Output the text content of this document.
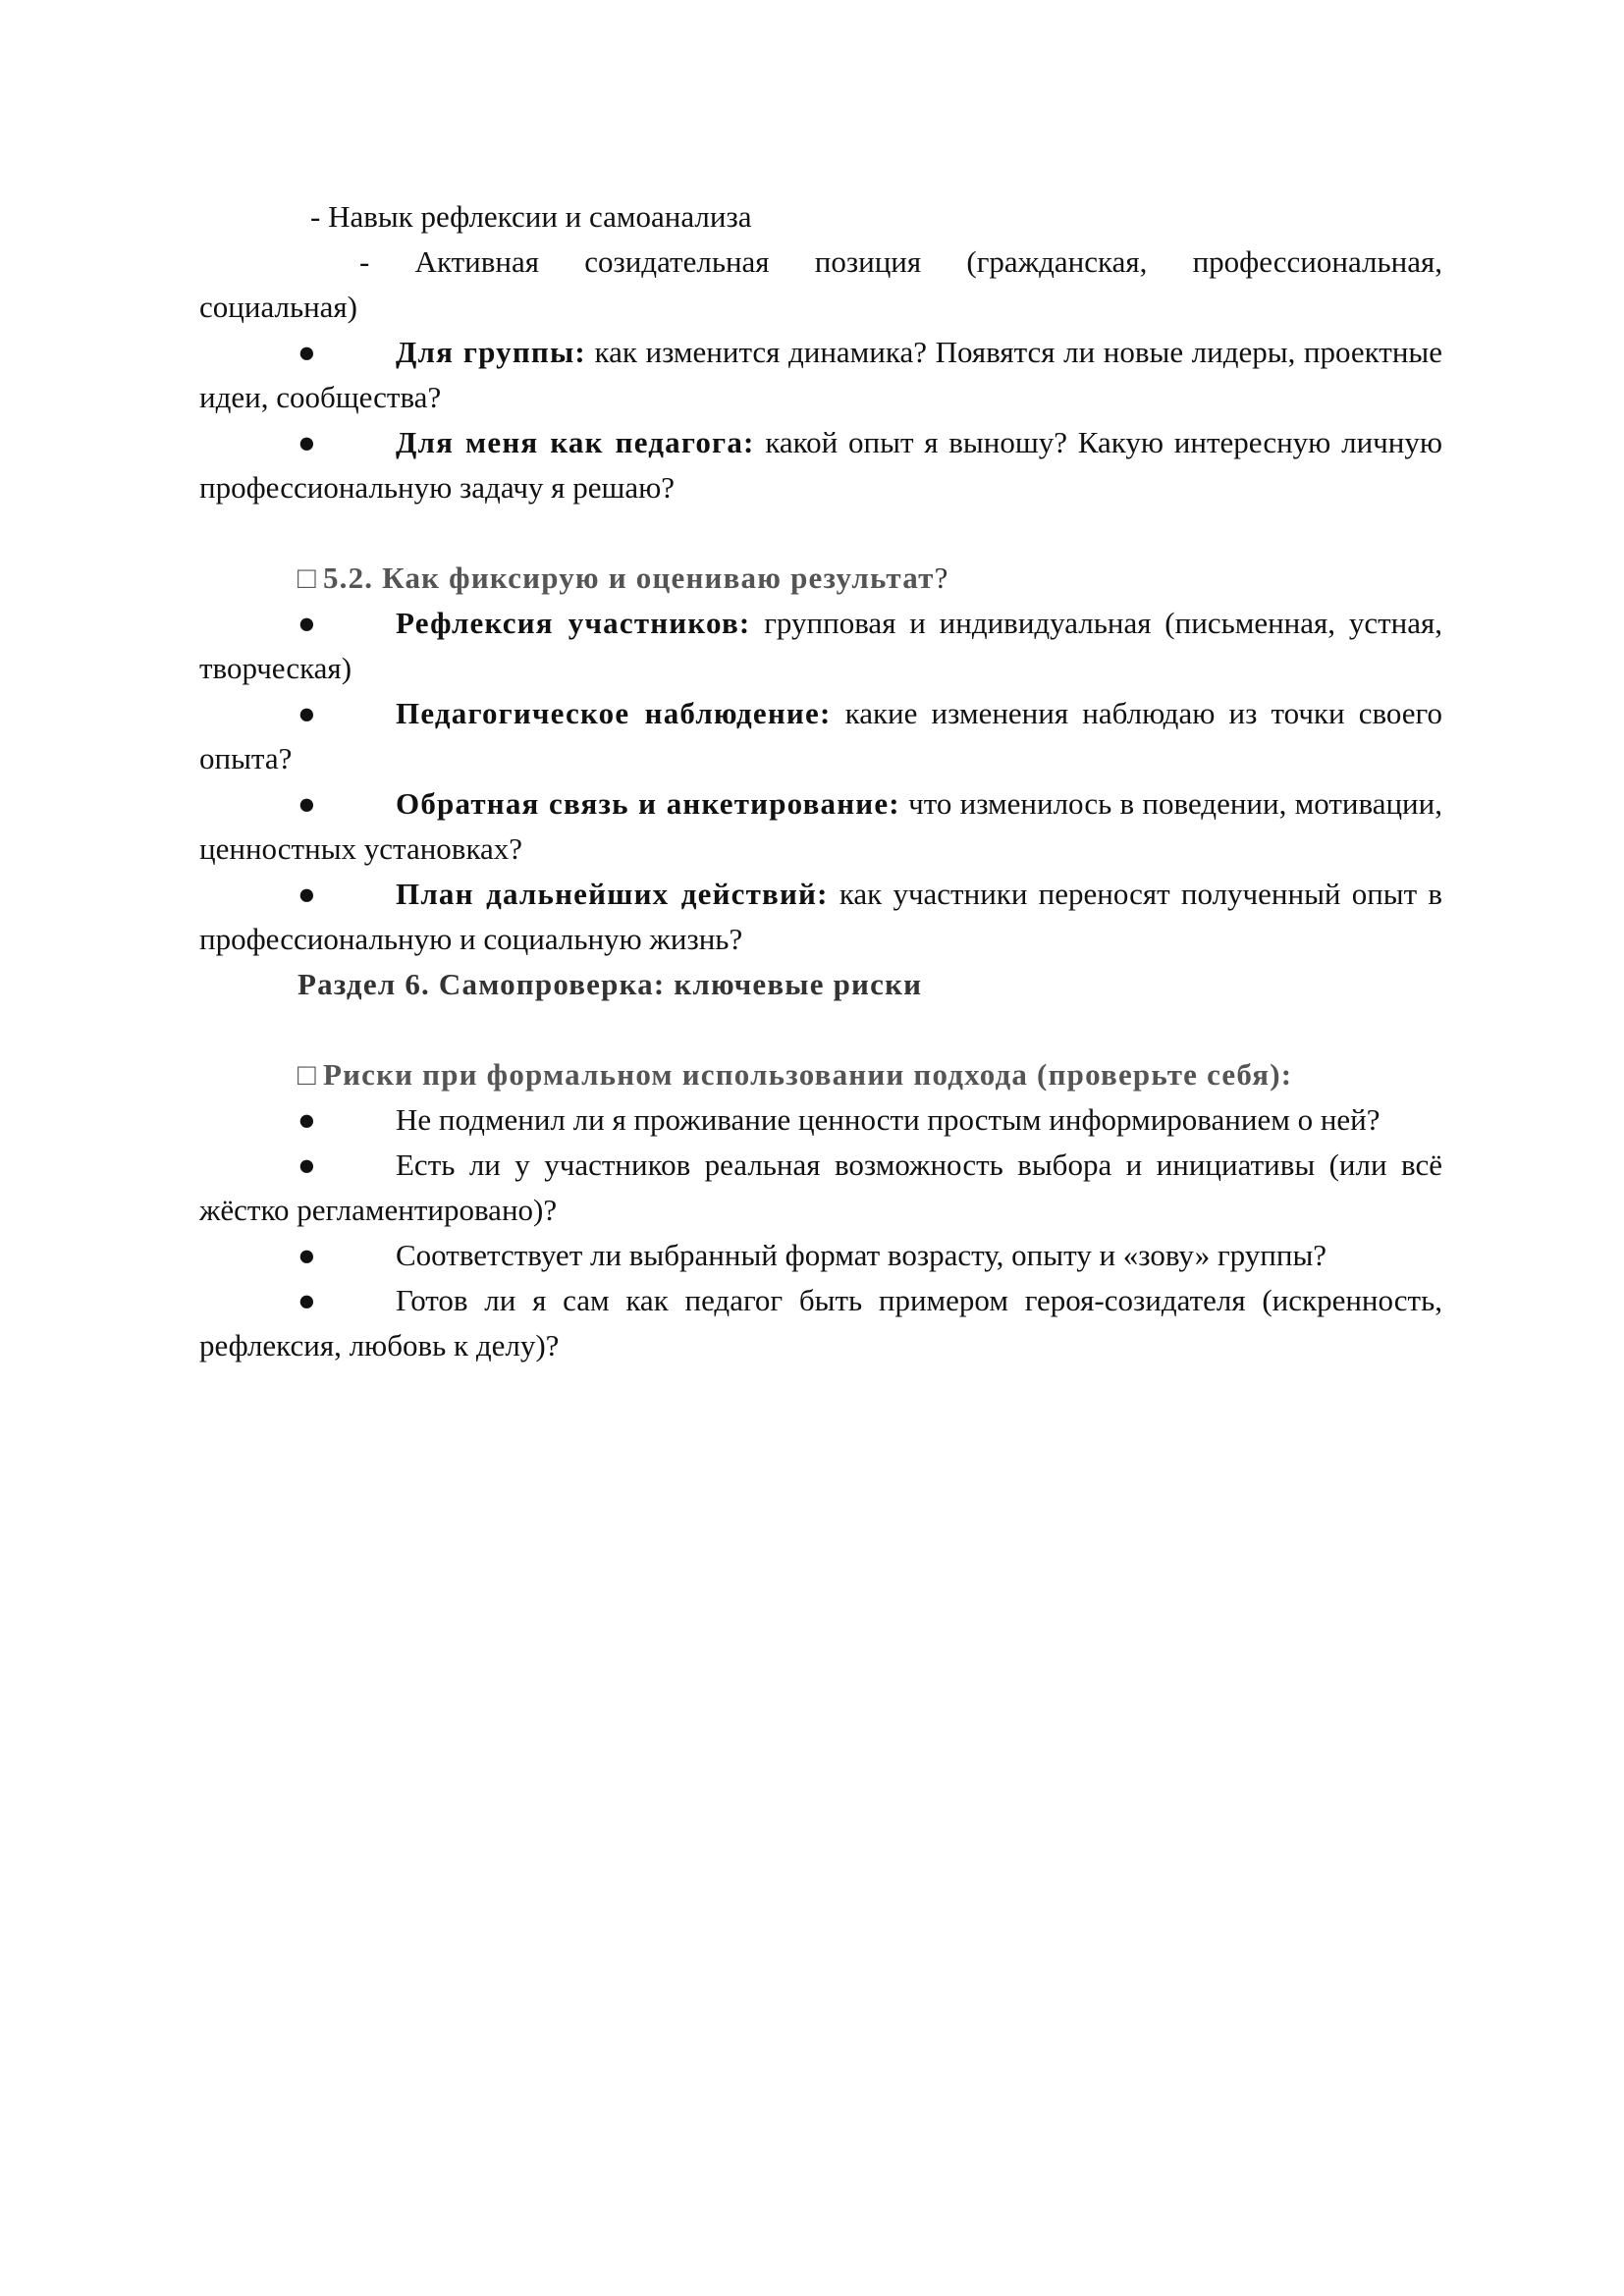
- Навык рефлексии и самоанализа
- Активная созидательная позиция (гражданская, профессиональная,
социальная)
●	Для группы: как изменится динамика? Появятся ли новые лидеры, проектные идеи, сообщества?
●	Для меня как педагога: какой опыт я выношу? Какую интересную личную профессиональную задачу я решаю?
□ 5.2. Как фиксирую и оцениваю результат?
●	Рефлексия участников: групповая и индивидуальная (письменная, устная, творческая)
●	Педагогическое наблюдение: какие изменения наблюдаю из точки своего опыта?
●	Обратная связь и анкетирование: что изменилось в поведении, мотивации, ценностных установках?
●	План дальнейших действий: как участники переносят полученный опыт в профессиональную и социальную жизнь?
Раздел 6. Самопроверка: ключевые риски
□ Риски при формальном использовании подхода (проверьте себя):
●	Не подменил ли я проживание ценности простым информированием о ней?
●	Есть ли у участников реальная возможность выбора и инициативы (или всё жёстко регламентировано)?
●	Соответствует ли выбранный формат возрасту, опыту и «зову» группы?
●	Готов ли я сам как педагог быть примером героя-созидателя (искренность, рефлексия, любовь к делу)?
